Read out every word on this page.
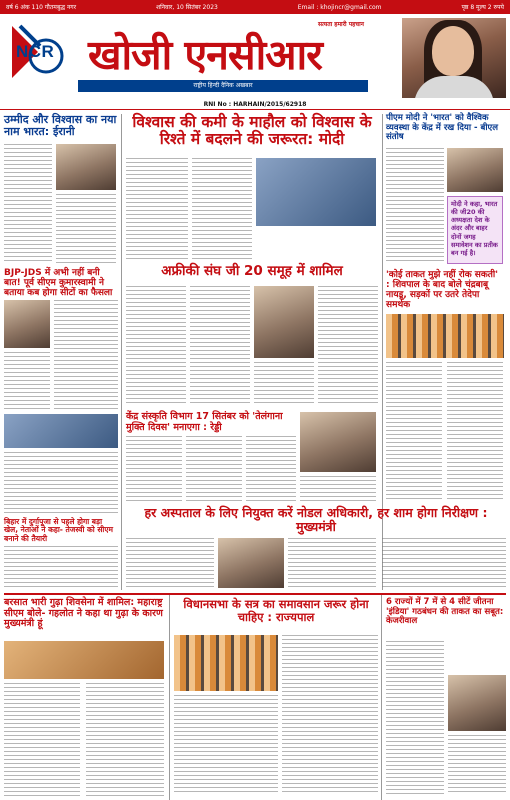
वर्ष 6 अंक 110 गौतमबुद्ध नगर	शनिवार, 10 सितंबर 2023	Email : khojincr@gmail.com	पृष्ठ 8 मूल्य 2 रुपये
NCR
सत्यता हमारी पहचान
खोजी एनसीआर
राष्ट्रीय हिन्दी दैनिक अखबार
RNI No : HARHAIN/2015/62918
उम्मीद और विश्वास का नया नाम भारत: ईरानी
BJP-JDS में अभी नहीं बनी बात! पूर्व सीएम कुमारस्वामी ने बताया कब होगा सीटों का फैसला
बिहार में दुर्गापूजा से पहले होगा बड़ा खेल, नेताओं ने कहा- तेजस्वी को सीएम बनाने की तैयारी
विश्वास की कमी के माहौल को विश्वास के रिश्ते में बदलने की जरूरत: मोदी
अफ्रीकी संघ जी 20 समूह में शामिल
केंद्र संस्कृति विभाग 17 सितंबर को 'तेलंगाना मुक्ति दिवस' मनाएगा : रेड्डी
पीएम मोदी ने 'भारत' को वैश्विक व्यवस्था के केंद्र में रख दिया - बीएल संतोष
मोदी ने कहा, भारत की जी20 की अध्यक्षता देश के अंदर और बाहर दोनों जगह समावेशन का प्रतीक बन गई है।
'कोई ताकत मुझे नहीं रोक सकती' : शिवपाल के बाद बोले चंद्रबाबू नायडू, सड़कों पर उतरे तेदेपा समर्थक
हर अस्पताल के लिए नियुक्त करें नोडल अधिकारी, हर शाम होगा निरीक्षण : मुख्यमंत्री
बरसात भारी गुढ़ा शिवसेना में शामिल: महाराष्ट्र सीएम बोले- गहलोत ने कहा था गुढ़ा के कारण मुख्यमंत्री हूं
विधानसभा के सत्र का समावसान जरूर होना चाहिए : राज्यपाल
6 राज्यों में 7 में से 4 सीटें जीतना 'इंडिया' गठबंधन की ताकत का सबूत: केजरीवाल
